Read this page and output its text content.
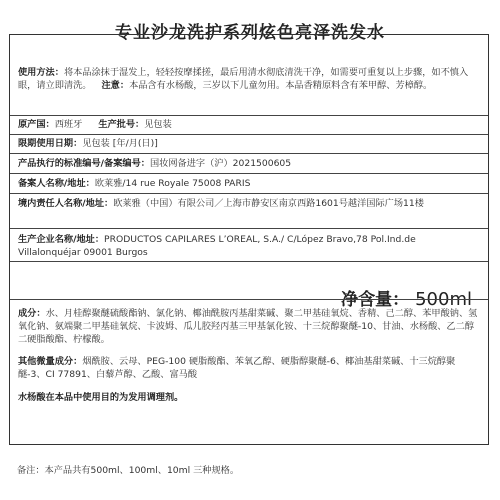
专业沙龙洗护系列炫色亮泽洗发水
使用方法：将本品涂抹于湿发上，轻轻按摩揉搓，最后用清水彻底清洗干净，如需要可重复以上步骤，如不慎入眼，请立即清洗。 注意：本品含有水杨酸，三岁以下儿童勿用。本品香精原料含有苯甲醇、芳樟醇。
原产国：西班牙 生产批号：见包装
限期使用日期：见包装 [年/月(日)]
产品执行的标准编号/备案编号：国妆网备进字（沪）2021500605
备案人名称/地址：欧莱雅/14 rue Royale 75008 PARIS
境内责任人名称/地址：欧莱雅（中国）有限公司／上海市静安区南京西路1601号越洋国际广场11楼
生产企业名称/地址：PRODUCTOS CAPILARES L’OREAL, S.A./ C/López Bravo,78 Pol.Ind.de Villalonquéjar 09001 Burgos
净含量： 500ml
成分：水、月桂醇聚醚硫酸酯钠、氯化钠、椰油酰胺丙基甜菜碱、聚二甲基硅氧烷、香精、己二醇、苯甲酸钠、氢氧化钠、氨端聚二甲基硅氧烷、卡波姆、瓜儿胶羟丙基三甲基氯化铵、十三烷醇聚醚-10、甘油、水杨酸、乙二醇二硬脂酸酯、柠檬酸。
其他微量成分：烟酰胺、云母、PEG-100 硬脂酸酯、苯氧乙醇、硬脂醇聚醚-6、椰油基甜菜碱、十三烷醇聚醚-3、CI 77891、白藜芦醇、乙酸、富马酸
水杨酸在本品中使用目的为发用调理剂。
备注：本产品共有500ml、100ml、10ml 三种规格。
